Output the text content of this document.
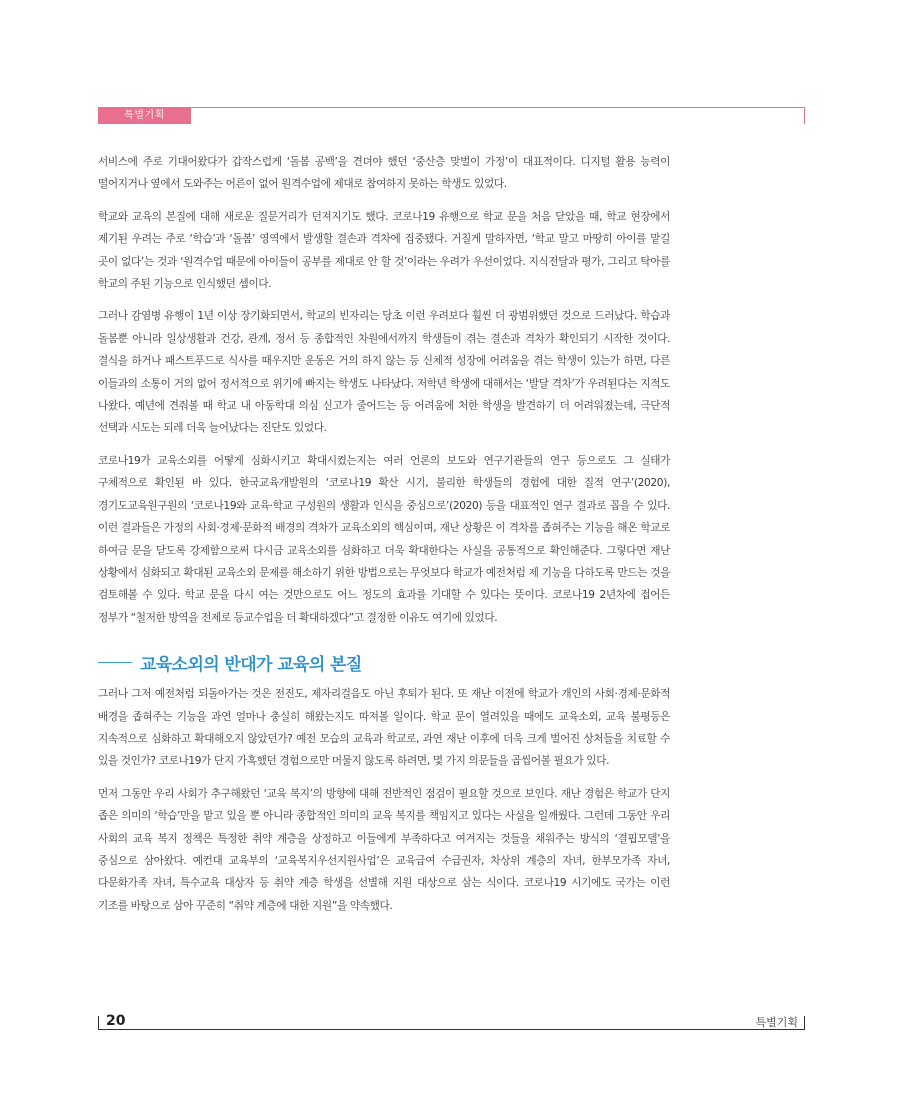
특별기획

서비스에 주로 기대어왔다가 갑작스럽게 ‘돌봄 공백’을 견뎌야 했던 ‘중산층 맞벌이 가정’이 대표적이다. 디지털 활용 능력이 떨어지거나 옆에서 도와주는 어른이 없어 원격수업에 제대로 참여하지 못하는 학생도 있었다.

학교와 교육의 본질에 대해 새로운 질문거리가 던져지기도 했다. 코로나19 유행으로 학교 문을 처음 닫았을 때, 학교 현장에서 제기된 우려는 주로 ‘학습’과 ‘돌봄’ 영역에서 발생할 결손과 격차에 집중됐다. 거칠게 말하자면, ‘학교 말고 마땅히 아이를 맡길 곳이 없다’는 것과 ‘원격수업 때문에 아이들이 공부를 제대로 안 할 것’이라는 우려가 우선이었다. 지식전달과 평가, 그리고 탁아를 학교의 주된 기능으로 인식했던 셈이다.

그러나 감염병 유행이 1년 이상 장기화되면서, 학교의 빈자리는 당초 이런 우려보다 훨씬 더 광범위했던 것으로 드러났다. 학습과 돌봄뿐 아니라 일상생활과 건강, 관계, 정서 등 종합적인 차원에서까지 학생들이 겪는 결손과 격차가 확인되기 시작한 것이다. 결식을 하거나 패스트푸드로 식사를 때우지만 운동은 거의 하지 않는 등 신체적 성장에 어려움을 겪는 학생이 있는가 하면, 다른 이들과의 소통이 거의 없어 정서적으로 위기에 빠지는 학생도 나타났다. 저학년 학생에 대해서는 ‘발달 격차’가 우려된다는 지적도 나왔다. 예년에 견줘볼 때 학교 내 아동학대 의심 신고가 줄어드는 등 어려움에 처한 학생을 발견하기 더 어려워졌는데, 극단적 선택과 시도는 되레 더욱 늘어났다는 진단도 있었다.

코로나19가 교육소외를 어떻게 심화시키고 확대시켰는지는 여러 언론의 보도와 연구기관들의 연구 등으로도 그 실태가 구체적으로 확인된 바 있다. 한국교육개발원의 ‘코로나19 확산 시기, 불리한 학생들의 경험에 대한 질적 연구’(2020), 경기도교육원구원의 ‘코로나19와 교육·학교 구성원의 생활과 인식을 중심으로’(2020) 등을 대표적인 연구 결과로 꼽을 수 있다. 이런 결과들은 가정의 사회·경제·문화적 배경의 격차가 교육소외의 핵심이며, 재난 상황은 이 격차를 좁혀주는 기능을 해온 학교로 하여금 문을 닫도록 강제함으로써 다시금 교육소외를 심화하고 더욱 확대한다는 사실을 공통적으로 확인해준다. 그렇다면 재난 상황에서 심화되고 확대된 교육소외 문제를 해소하기 위한 방법으로는 무엇보다 학교가 예전처럼 제 기능을 다하도록 만드는 것을 검토해볼 수 있다. 학교 문을 다시 여는 것만으로도 어느 정도의 효과를 기대할 수 있다는 뜻이다. 코로나19 2년차에 접어든 정부가 “철저한 방역을 전제로 등교수업을 더 확대하겠다”고 결정한 이유도 여기에 있었다.

교육소외의 반대가 교육의 본질

그러나 그저 예전처럼 되돌아가는 것은 전진도, 제자리걸음도 아닌 후퇴가 된다. 또 재난 이전에 학교가 개인의 사회·경제·문화적 배경을 좁혀주는 기능을 과연 얼마나 충실히 해왔는지도 따져볼 일이다. 학교 문이 열려있을 때에도 교육소외, 교육 불평등은 지속적으로 심화하고 확대해오지 않았던가? 예전 모습의 교육과 학교로, 과연 재난 이후에 더욱 크게 벌어진 상처들을 치료할 수 있을 것인가? 코로나19가 단지 가혹했던 경험으로만 머물지 않도록 하려면, 몇 가지 의문들을 곱씹어볼 필요가 있다.

먼저 그동안 우리 사회가 추구해왔던 ‘교육 복지’의 방향에 대해 전반적인 점검이 필요할 것으로 보인다. 재난 경험은 학교가 단지 좁은 의미의 ‘학습’만을 맡고 있을 뿐 아니라 종합적인 의미의 교육 복지를 책임지고 있다는 사실을 일깨웠다. 그런데 그동안 우리 사회의 교육 복지 정책은 특정한 취약 계층을 상정하고 이들에게 부족하다고 여겨지는 것들을 채워주는 방식의 ‘결핍모델’을 중심으로 삼아왔다. 예컨대 교육부의 ‘교육복지우선지원사업’은 교육급여 수급권자, 차상위 계층의 자녀, 한부모가족 자녀, 다문화가족 자녀, 특수교육 대상자 등 취약 계층 학생을 선별해 지원 대상으로 삼는 식이다. 코로나19 시기에도 국가는 이런 기조를 바탕으로 삼아 꾸준히 “취약 계층에 대한 지원”을 약속했다.

20	특별기획
